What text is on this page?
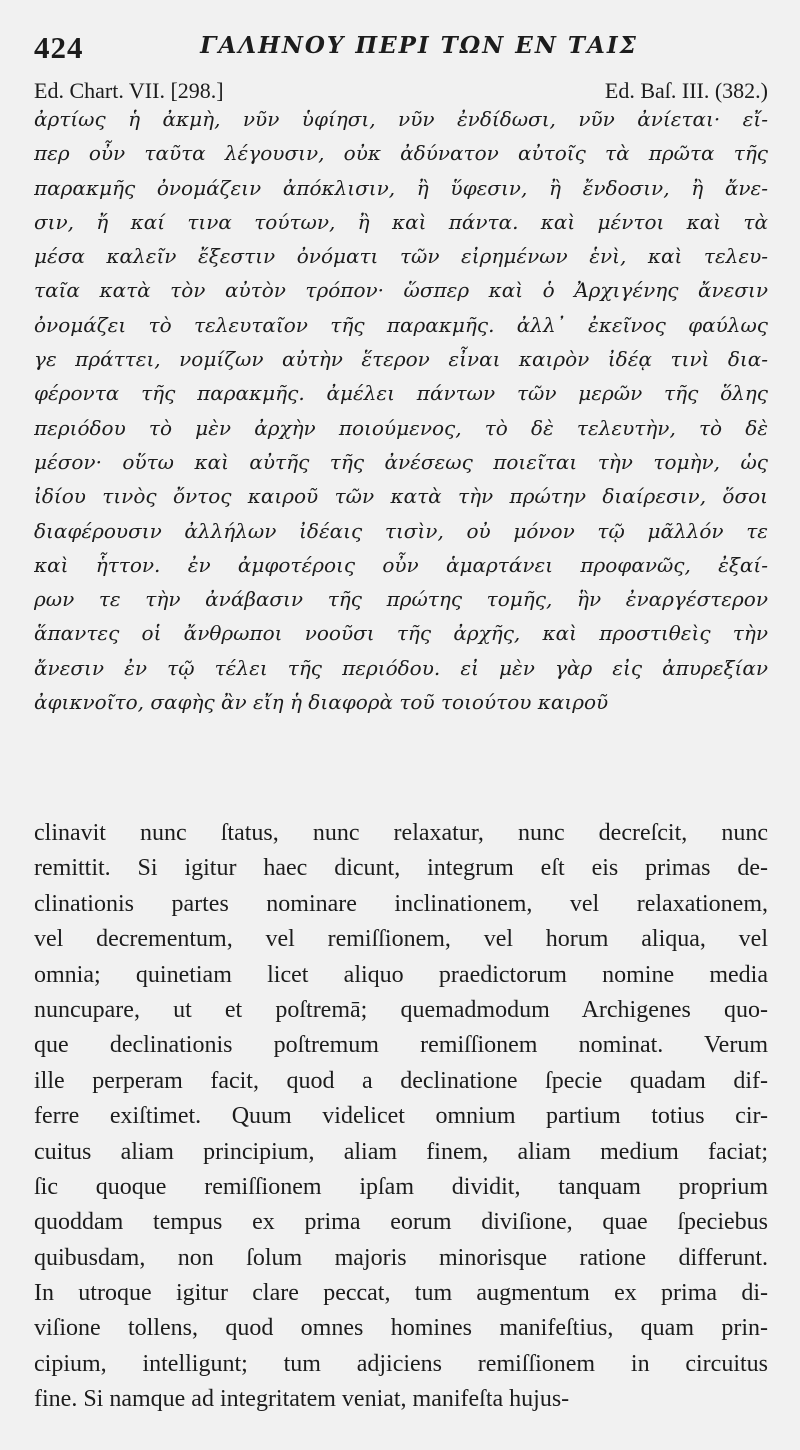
424	ΓΑΛΗΝΟΥ ΠΕΡΙ ΤΩΝ ΕΝ ΤΑΙΣ
Ed. Chart. VII. [298.]	Ed. Baſ. III. (382.)
ἀρτίως ἡ ἀκμὴ, νῦν ὑφίησι, νῦν ἐνδίδωσι, νῦν ἀνίεται· εἴ-
περ οὖν ταῦτα λέγουσιν, οὐκ ἀδύνατον αὐτοῖς τὰ πρῶτα τῆς
παρακμῆς ὀνομάζειν ἀπόκλισιν, ἢ ὕφεσιν, ἢ ἔνδοσιν, ἢ ἄνε-
σιν, ἤ καί τινα τούτων, ἢ καὶ πάντα. καὶ μέντοι καὶ τὰ
μέσα καλεῖν ἔξεστιν ὀνόματι τῶν εἰρημένων ἑνὶ, καὶ τελευ-
ταῖα κατὰ τὸν αὐτὸν τρόπον· ὥσπερ καὶ ὁ Ἀρχιγένης ἄνεσιν
ὀνομάζει τὸ τελευταῖον τῆς παρακμῆς. ἀλλ᾽ ἐκεῖνος φαύλως
γε πράττει, νομίζων αὐτὴν ἕτερον εἶναι καιρὸν ἰδέᾳ τινὶ δια-
φέροντα τῆς παρακμῆς. ἀμέλει πάντων τῶν μερῶν τῆς ὅλης
περιόδου τὸ μὲν ἀρχὴν ποιούμενος, τὸ δὲ τελευτὴν, τὸ δὲ
μέσον· οὕτω καὶ αὐτῆς τῆς ἀνέσεως ποιεῖται τὴν τομὴν, ὡς
ἰδίου τινὸς ὄντος καιροῦ τῶν κατὰ τὴν πρώτην διαίρεσιν, ὅσοι
διαφέρουσιν ἀλλήλων ἰδέαις τισὶν, οὐ μόνον τῷ μᾶλλόν τε
καὶ ἧττον. ἐν ἀμφοτέροις οὖν ἁμαρτάνει προφανῶς, ἐξαί-
ρων τε τὴν ἀνάβασιν τῆς πρώτης τομῆς, ἣν ἐναργέστερον
ἅπαντες οἱ ἄνθρωποι νοοῦσι τῆς ἀρχῆς, καὶ προστιθεὶς τὴν
ἄνεσιν ἐν τῷ τέλει τῆς περιόδου. εἰ μὲν γὰρ εἰς ἀπυρεξίαν
ἀφικνοῖτο, σαφὴς ἂν εἴη ἡ διαφορὰ τοῦ τοιούτου καιροῦ
clinavit nunc ſtatus, nunc relaxatur, nunc decreſcit, nunc
remittit. Si igitur haec dicunt, integrum eſt eis primas de-
clinationis partes nominare inclinationem, vel relaxationem,
vel decrementum, vel remiſſionem, vel horum aliqua, vel
omnia; quinetiam licet aliquo praedictorum nomine media
nuncupare, ut et poſtremā; quemadmodum Archigenes quo-
que declinationis poſtremum remiſſionem nominat. Verum
ille perperam facit, quod a declinatione ſpecie quadam dif-
ferre exiſtimet. Quum videlicet omnium partium totius cir-
cuitus aliam principium, aliam finem, aliam medium faciat;
ſic quoque remiſſionem ipſam dividit, tanquam proprium
quoddam tempus ex prima eorum diviſione, quae ſpeciebus
quibusdam, non ſolum majoris minorisque ratione differunt.
In utroque igitur clare peccat, tum augmentum ex prima di-
viſione tollens, quod omnes homines manifeſtius, quam prin-
cipium, intelligunt; tum adjiciens remiſſionem in circuitus
fine. Si namque ad integritatem veniat, manifeſta hujus-
